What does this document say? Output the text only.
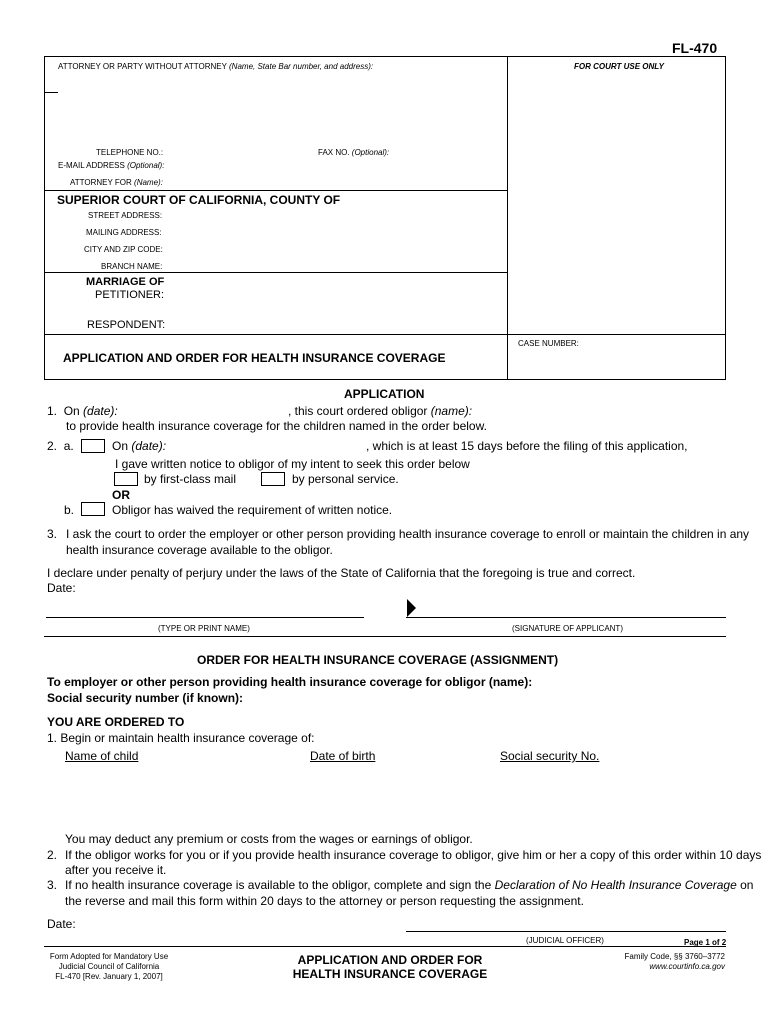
FL-470
ATTORNEY OR PARTY WITHOUT ATTORNEY (Name, State Bar number, and address):	FOR COURT USE ONLY
TELEPHONE NO.:	FAX NO. (Optional):
E-MAIL ADDRESS (Optional):
ATTORNEY FOR (Name):
SUPERIOR COURT OF CALIFORNIA, COUNTY OF
STREET ADDRESS:
MAILING ADDRESS:
CITY AND ZIP CODE:
BRANCH NAME:
MARRIAGE OF
PETITIONER:
RESPONDENT:
CASE NUMBER:
APPLICATION AND ORDER FOR HEALTH INSURANCE COVERAGE
APPLICATION
1. On (date):	, this court ordered obligor (name):
to provide health insurance coverage for the children named in the order below.
2. a.	On (date):	, which is at least 15 days before the filing of this application,
I gave written notice to obligor of my intent to seek this order below
by first-class mail	by personal service.
OR
b.	Obligor has waived the requirement of written notice.
3. I ask the court to order the employer or other person providing health insurance coverage to enroll or maintain the children in any
health insurance coverage available to the obligor.
I declare under penalty of perjury under the laws of the State of California that the foregoing is true and correct.
Date:
(TYPE OR PRINT NAME)	(SIGNATURE OF APPLICANT)
ORDER FOR HEALTH INSURANCE COVERAGE (ASSIGNMENT)
To employer or other person providing health insurance coverage for obligor (name):
Social security number (if known):
YOU ARE ORDERED TO
1. Begin or maintain health insurance coverage of:
Name of child	Date of birth	Social security No.
You may deduct any premium or costs from the wages or earnings of obligor.
2. If the obligor works for you or if you provide health insurance coverage to obligor, give him or her a copy of this order within 10 days
after you receive it.
3. If no health insurance coverage is available to the obligor, complete and sign the Declaration of No Health Insurance Coverage on
the reverse and mail this form within 20 days to the attorney or person requesting the assignment.
Date:
(JUDICIAL OFFICER)	Page 1 of 2
Form Adopted for Mandatory Use
Judicial Council of California
FL-470 [Rev. January 1, 2007]
APPLICATION AND ORDER FOR
HEALTH INSURANCE COVERAGE
Family Code, §§ 3760–3772
www.courtinfo.ca.gov
